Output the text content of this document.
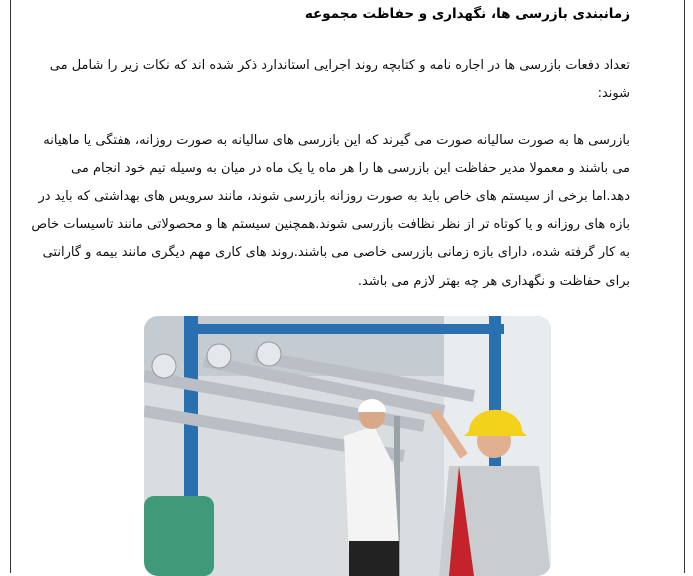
زمانبندی بازرسی ها، نگهداری و حفاظت مجموعه
تعداد دفعات بازرسی ها در اجاره نامه و کتابچه روند اجرایی استاندارد ذکر شده اند که نکات زیر را شامل می
شوند:
بازرسی ها به صورت سالیانه صورت می گیرند که این بازرسی های سالیانه به صورت روزانه، هفتگی یا ماهیانه
می باشند و معمولا مدیر حفاظت این بازرسی ها را هر ماه یا یک ماه در میان به وسیله تیم خود انجام می
دهد.اما برخی از سیستم های خاص باید به صورت روزانه بازرسی شوند، مانند سرویس های بهداشتی که باید در
بازه های روزانه و یا کوتاه تر از نظر نظافت بازرسی شوند.همچنین سیستم ها و محصولاتی مانند تاسیسات خاص
به کار گرفته شده، دارای بازه زمانی بازرسی خاصی می باشند.روند های کاری مهم دیگری مانند بیمه و گارانتی
برای حفاظت و نگهداری هر چه بهتر لازم می باشد.
